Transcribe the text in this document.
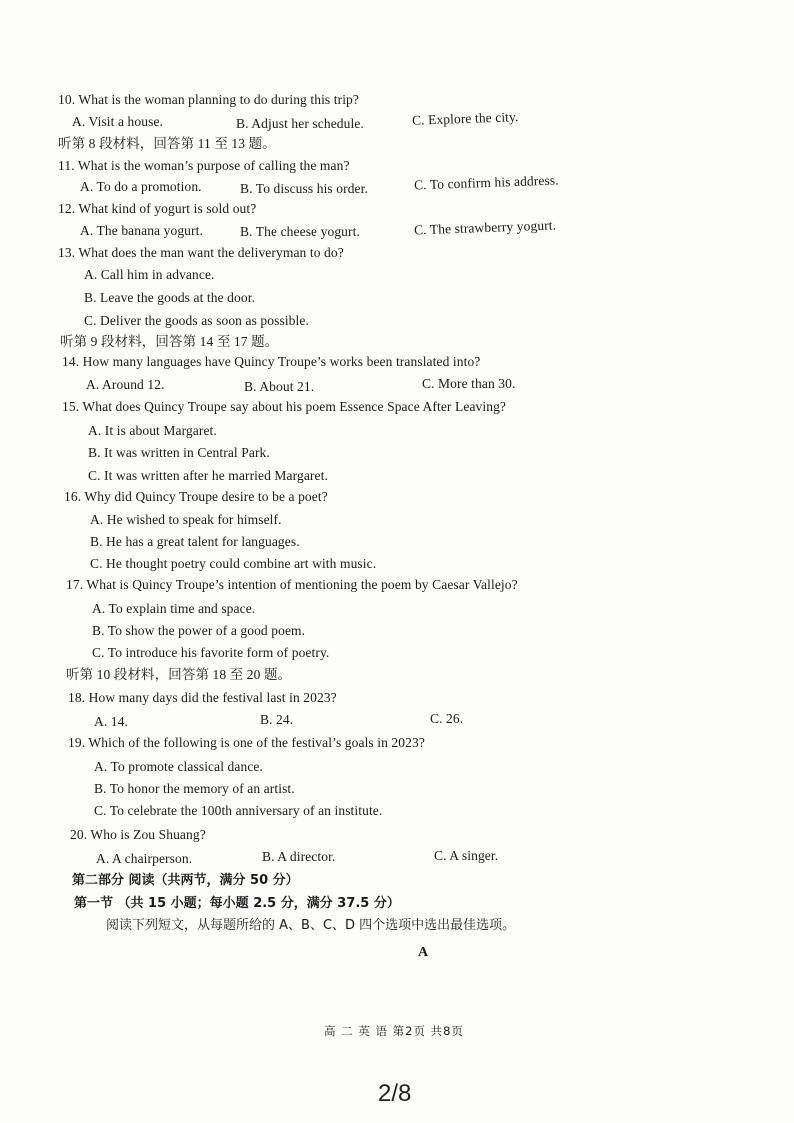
10. What is the woman planning to do during this trip?
A. Visit a house.	B. Adjust her schedule.	C. Explore the city.
听第 8 段材料，回答第 11 至 13 题。
11. What is the woman’s purpose of calling the man?
A. To do a promotion.	B. To discuss his order.	C. To confirm his address.
12. What kind of yogurt is sold out?
A. The banana yogurt.	B. The cheese yogurt.	C. The strawberry yogurt.
13. What does the man want the deliveryman to do?
A. Call him in advance.
B. Leave the goods at the door.
C. Deliver the goods as soon as possible.
听第 9 段材料，回答第 14 至 17 题。
14. How many languages have Quincy Troupe’s works been translated into?
A. Around 12.	B. About 21.	C. More than 30.
15. What does Quincy Troupe say about his poem Essence Space After Leaving?
A. It is about Margaret.
B. It was written in Central Park.
C. It was written after he married Margaret.
16. Why did Quincy Troupe desire to be a poet?
A. He wished to speak for himself.
B. He has a great talent for languages.
C. He thought poetry could combine art with music.
17. What is Quincy Troupe’s intention of mentioning the poem by Caesar Vallejo?
A. To explain time and space.
B. To show the power of a good poem.
C. To introduce his favorite form of poetry.
听第 10 段材料，回答第 18 至 20 题。
18. How many days did the festival last in 2023?
A. 14.	B. 24.	C. 26.
19. Which of the following is one of the festival’s goals in 2023?
A. To promote classical dance.
B. To honor the memory of an artist.
C. To celebrate the 100th anniversary of an institute.
20. Who is Zou Shuang?
A. A chairperson.	B. A director.	C. A singer.
第二部分 阅读（共两节，满分 50 分）
第一节 （共 15 小题；每小题 2.5 分，满分 37.5 分）
阅读下列短文，从每题所给的 A、B、C、D 四个选项中选出最佳选项。
A
高 二 英 语 第2页 共8页
2/8
